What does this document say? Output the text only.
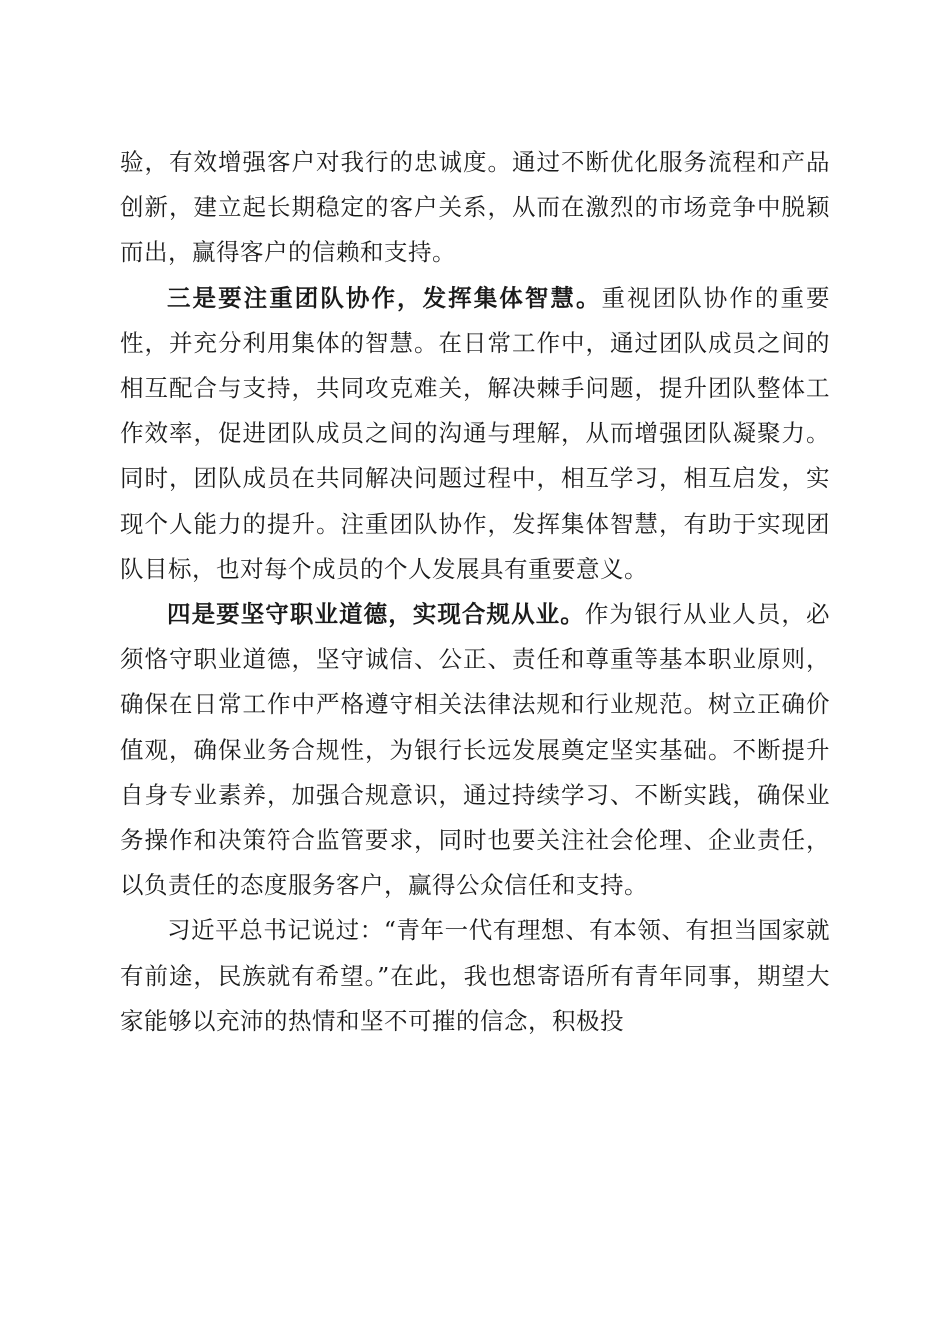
验，有效增强客户对我行的忠诚度。通过不断优化服务流程和产品创新，建立起长期稳定的客户关系，从而在激烈的市场竞争中脱颖而出，赢得客户的信赖和支持。

三是要注重团队协作，发挥集体智慧。重视团队协作的重要性，并充分利用集体的智慧。在日常工作中，通过团队成员之间的相互配合与支持，共同攻克难关，解决棘手问题，提升团队整体工作效率，促进团队成员之间的沟通与理解，从而增强团队凝聚力。同时，团队成员在共同解决问题过程中，相互学习，相互启发，实现个人能力的提升。注重团队协作，发挥集体智慧，有助于实现团队目标，也对每个成员的个人发展具有重要意义。

四是要坚守职业道德，实现合规从业。作为银行从业人员，必须恪守职业道德，坚守诚信、公正、责任和尊重等基本职业原则，确保在日常工作中严格遵守相关法律法规和行业规范。树立正确价值观，确保业务合规性，为银行长远发展奠定坚实基础。不断提升自身专业素养，加强合规意识，通过持续学习、不断实践，确保业务操作和决策符合监管要求，同时也要关注社会伦理、企业责任，以负责任的态度服务客户，赢得公众信任和支持。

习近平总书记说过：“青年一代有理想、有本领、有担当国家就有前途，民族就有希望。”在此，我也想寄语所有青年同事，期望大家能够以充沛的热情和坚不可摧的信念，积极投
